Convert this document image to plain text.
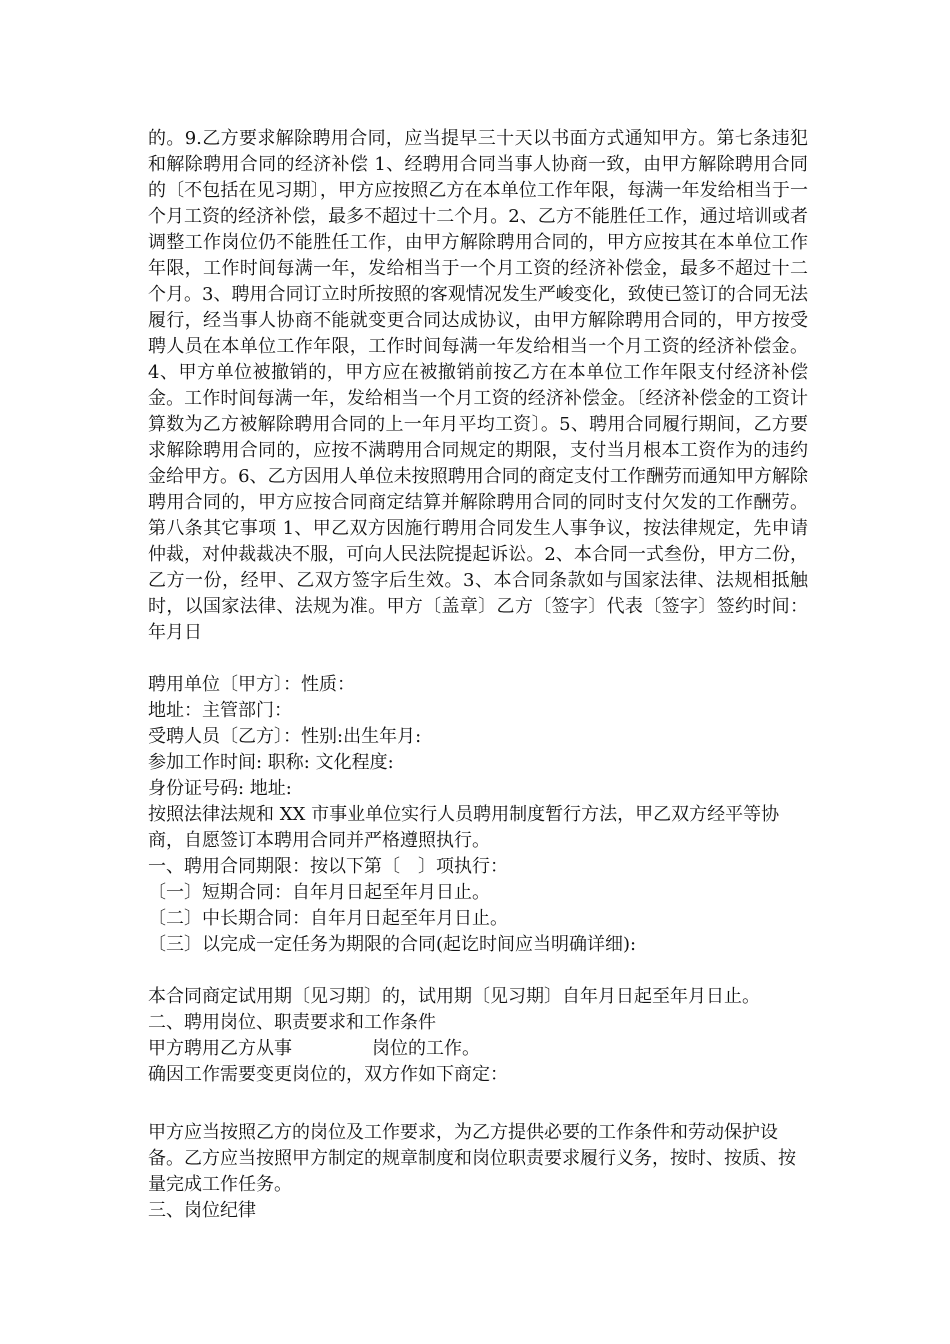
的。9.乙方要求解除聘用合同，应当提早三十天以书面方式通知甲方。第七条违犯和解除聘用合同的经济补偿 1、经聘用合同当事人协商一致，由甲方解除聘用合同的〔不包括在见习期〕，甲方应按照乙方在本单位工作年限，每满一年发给相当于一个月工资的经济补偿，最多不超过十二个月。2、乙方不能胜任工作，通过培训或者调整工作岗位仍不能胜任工作，由甲方解除聘用合同的，甲方应按其在本单位工作年限，工作时间每满一年，发给相当于一个月工资的经济补偿金，最多不超过十二个月。3、聘用合同订立时所按照的客观情况发生严峻变化，致使已签订的合同无法履行，经当事人协商不能就变更合同达成协议，由甲方解除聘用合同的，甲方按受聘人员在本单位工作年限，工作时间每满一年发给相当一个月工资的经济补偿金。4、甲方单位被撤销的，甲方应在被撤销前按乙方在本单位工作年限支付经济补偿金。工作时间每满一年，发给相当一个月工资的经济补偿金。〔经济补偿金的工资计算数为乙方被解除聘用合同的上一年月平均工资〕。5、聘用合同履行期间，乙方要求解除聘用合同的，应按不满聘用合同规定的期限，支付当月根本工资作为的违约金给甲方。6、乙方因用人单位未按照聘用合同的商定支付工作酬劳而通知甲方解除聘用合同的，甲方应按合同商定结算并解除聘用合同的同时支付欠发的工作酬劳。第八条其它事项 1、甲乙双方因施行聘用合同发生人事争议，按法律规定，先申请仲裁，对仲裁裁决不服，可向人民法院提起诉讼。2、本合同一式叁份，甲方二份，乙方一份，经甲、乙双方签字后生效。3、本合同条款如与国家法律、法规相抵触时，以国家法律、法规为准。甲方〔盖章〕乙方〔签字〕代表〔签字〕签约时间：年月日

聘用单位〔甲方〕：性质：

地址：主管部门：

受聘人员〔乙方〕：性别:出生年月:

参加工作时间: 职称: 文化程度:

身份证号码: 地址:

按照法律法规和 XX 市事业单位实行人员聘用制度暂行方法，甲乙双方经平等协商，自愿签订本聘用合同并严格遵照执行。

一、聘用合同期限：按以下第〔　〕项执行：

〔一〕短期合同：自年月日起至年月日止。

〔二〕中长期合同：自年月日起至年月日止。

〔三〕以完成一定任务为期限的合同(起讫时间应当明确详细):

本合同商定试用期〔见习期〕的，试用期〔见习期〕自年月日起至年月日止。

二、聘用岗位、职责要求和工作条件

甲方聘用乙方从事	岗位的工作。

确因工作需要变更岗位的，双方作如下商定：

甲方应当按照乙方的岗位及工作要求，为乙方提供必要的工作条件和劳动保护设备。乙方应当按照甲方制定的规章制度和岗位职责要求履行义务，按时、按质、按量完成工作任务。

三、岗位纪律
